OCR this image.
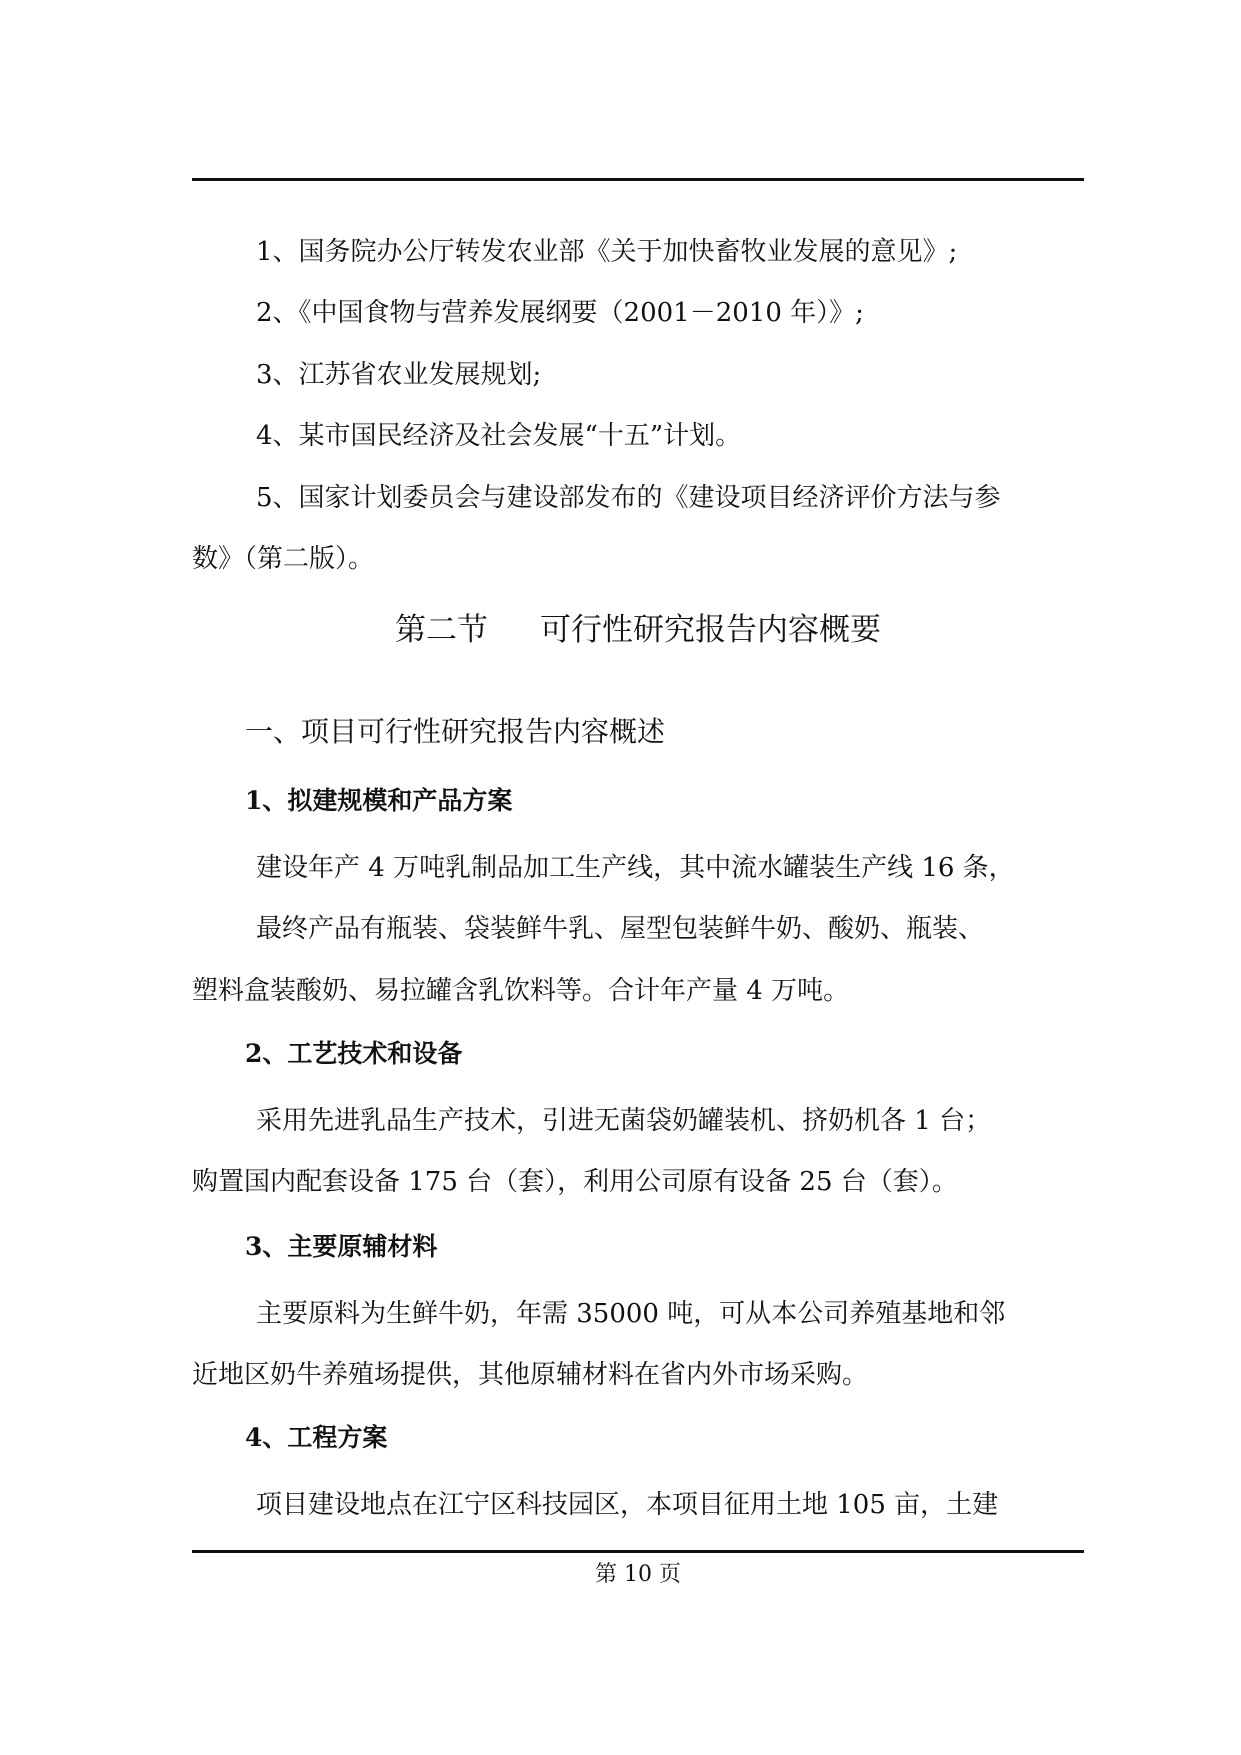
1、国务院办公厅转发农业部《关于加快畜牧业发展的意见》;
2、《中国食物与营养发展纲要（2001－2010 年）》;
3、江苏省农业发展规划;
4、某市国民经济及社会发展“十五”计划。
5、国家计划委员会与建设部发布的《建设项目经济评价方法与参
数》（第二版）。
第二节 可行性研究报告内容概要
一、项目可行性研究报告内容概述
1、拟建规模和产品方案
建设年产 4 万吨乳制品加工生产线，其中流水罐装生产线 16 条，
最终产品有瓶装、袋装鲜牛乳、屋型包装鲜牛奶、酸奶、瓶装、
塑料盒装酸奶、易拉罐含乳饮料等。合计年产量 4 万吨。
2、工艺技术和设备
采用先进乳品生产技术，引进无菌袋奶罐装机、挤奶机各 1 台；
购置国内配套设备 175 台（套），利用公司原有设备 25 台（套）。
3、主要原辅材料
主要原料为生鲜牛奶，年需 35000 吨，可从本公司养殖基地和邻
近地区奶牛养殖场提供，其他原辅材料在省内外市场采购。
4、工程方案
项目建设地点在江宁区科技园区，本项目征用土地 105 亩，土建
第 10 页
